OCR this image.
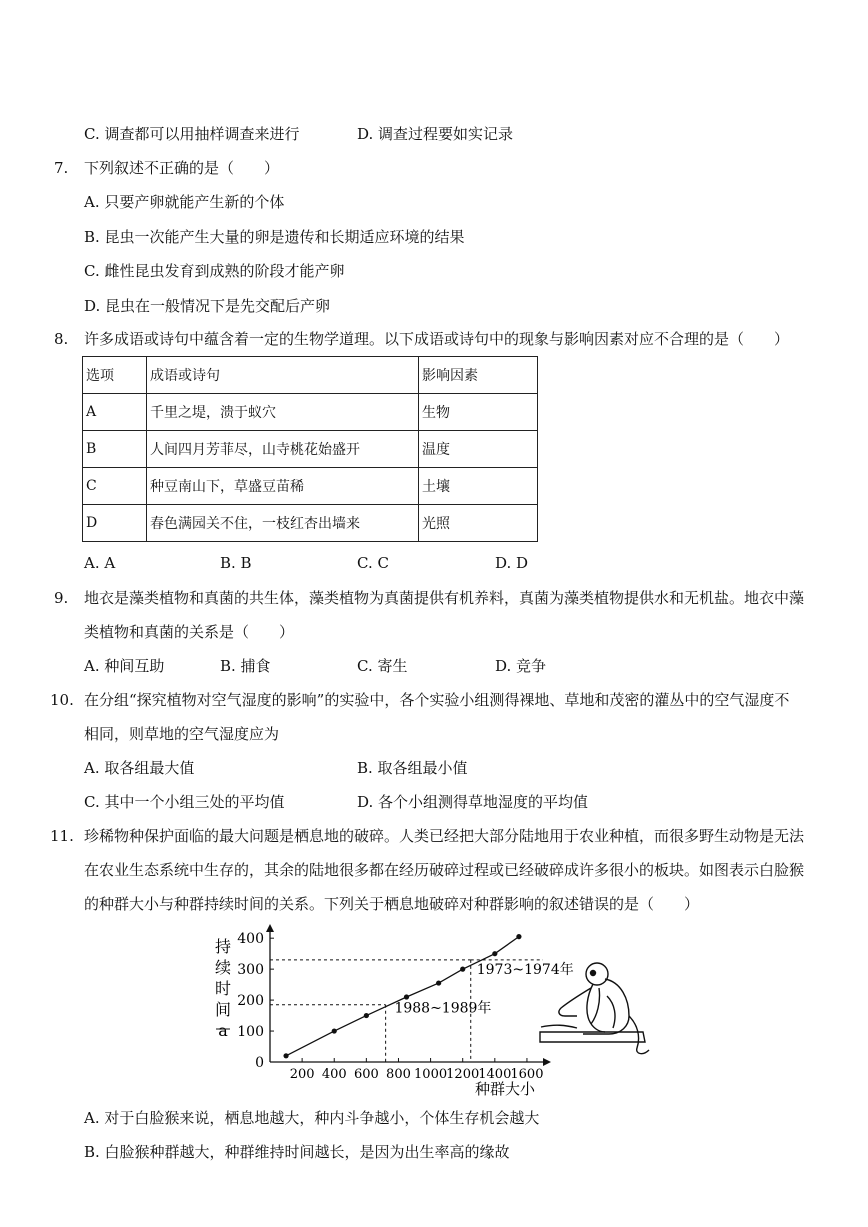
C. 调查都可以用抽样调查来进行	D. 调查过程要如实记录
7. 下列叙述不正确的是（　　）
A. 只要产卵就能产生新的个体
B. 昆虫一次能产生大量的卵是遗传和长期适应环境的结果
C. 雌性昆虫发育到成熟的阶段才能产卵
D. 昆虫在一般情况下是先交配后产卵
8. 许多成语或诗句中蕴含着一定的生物学道理。以下成语或诗句中的现象与影响因素对应不合理的是（　　）
选项	成语或诗句	影响因素
A	千里之堤，溃于蚁穴	生物
B	人间四月芳菲尽，山寺桃花始盛开	温度
C	种豆南山下，草盛豆苗稀	土壤
D	春色满园关不住，一枝红杏出墙来	光照
A. A	B. B	C. C	D. D
9. 地衣是藻类植物和真菌的共生体，藻类植物为真菌提供有机养料，真菌为藻类植物提供水和无机盐。地衣中藻
类植物和真菌的关系是（　　）
A. 种间互助	B. 捕食	C. 寄生	D. 竞争
10. 在分组“探究植物对空气湿度的影响”的实验中，各个实验小组测得裸地、草地和茂密的灌丛中的空气湿度不
相同，则草地的空气湿度应为
A. 取各组最大值	B. 取各组最小值
C. 其中一个小组三处的平均值	D. 各个小组测得草地湿度的平均值
11. 珍稀物种保护面临的最大问题是栖息地的破碎。人类已经把大部分陆地用于农业种植，而很多野生动物是无法
在农业生态系统中生存的，其余的陆地很多都在经历破碎过程或已经破碎成许多很小的板块。如图表示白脸猴
的种群大小与种群持续时间的关系。下列关于栖息地破碎对种群影响的叙述错误的是（　　）
持
续
时
间
a
200 400 600 800 1000 1200 1400 1600
0
100
200
300
400
1988~1989年
1973~1974年
种群大小
A. 对于白脸猴来说，栖息地越大，种内斗争越小，个体生存机会越大
B. 白脸猴种群越大，种群维持时间越长，是因为出生率高的缘故
